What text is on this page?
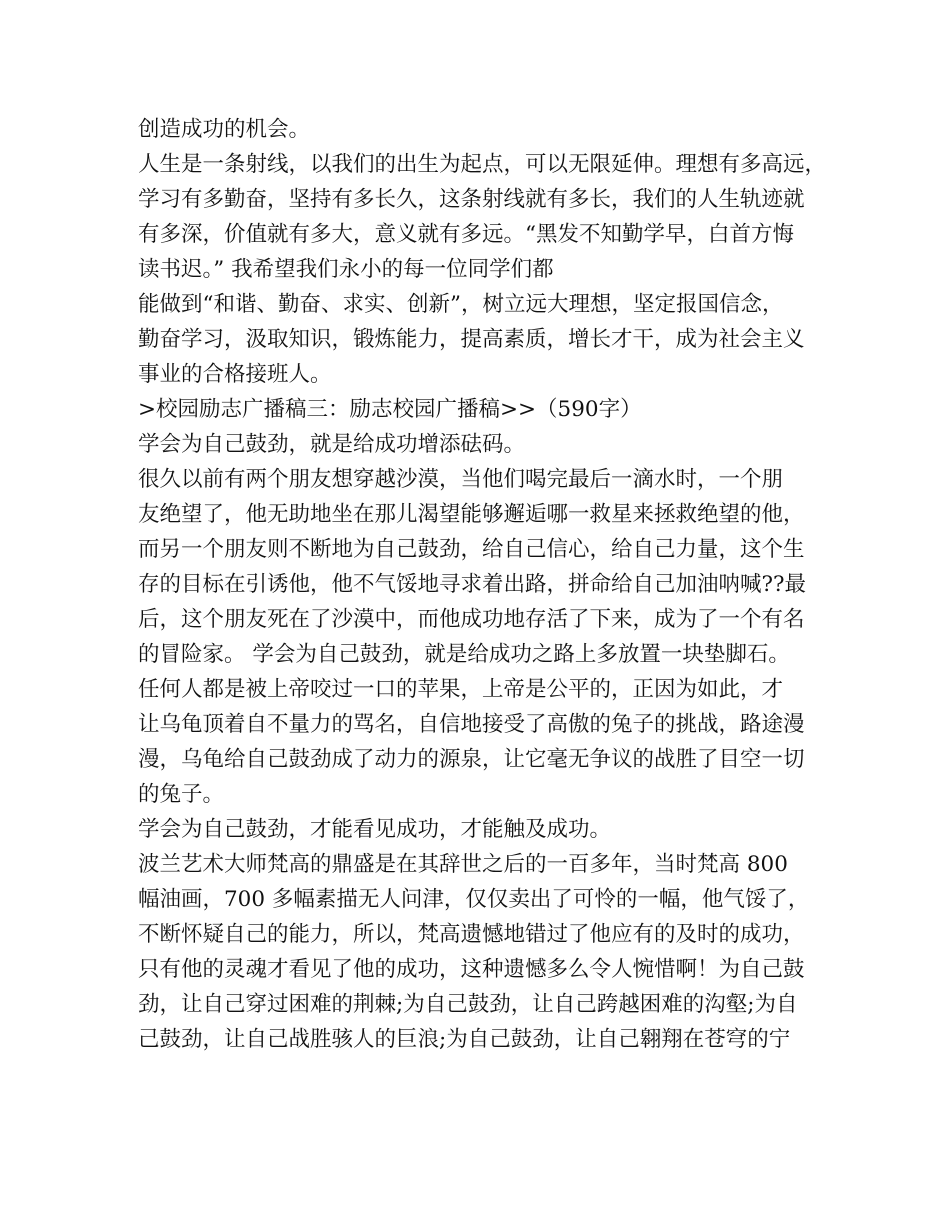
创造成功的机会。
人生是一条射线，以我们的出生为起点，可以无限延伸。理想有多高远，
学习有多勤奋，坚持有多长久，这条射线就有多长，我们的人生轨迹就
有多深，价值就有多大，意义就有多远。“黑发不知勤学早，白首方悔
读书迟。” 我希望我们永小的每一位同学们都
能做到“和谐、勤奋、求实、创新”，树立远大理想，坚定报国信念，
勤奋学习，汲取知识，锻炼能力，提高素质，增长才干，成为社会主义
事业的合格接班人。
>校园励志广播稿三：励志校园广播稿>>（590字）
学会为自己鼓劲，就是给成功增添砝码。
很久以前有两个朋友想穿越沙漠，当他们喝完最后一滴水时，一个朋
友绝望了，他无助地坐在那儿渴望能够邂逅哪一救星来拯救绝望的他，
而另一个朋友则不断地为自己鼓劲，给自己信心，给自己力量，这个生
存的目标在引诱他，他不气馁地寻求着出路，拼命给自己加油呐喊??最
后，这个朋友死在了沙漠中，而他成功地存活了下来，成为了一个有名
的冒险家。 学会为自己鼓劲，就是给成功之路上多放置一块垫脚石。
任何人都是被上帝咬过一口的苹果，上帝是公平的，正因为如此，才
让乌龟顶着自不量力的骂名，自信地接受了高傲的兔子的挑战，路途漫
漫，乌龟给自己鼓劲成了动力的源泉，让它毫无争议的战胜了目空一切
的兔子。
学会为自己鼓劲，才能看见成功，才能触及成功。
波兰艺术大师梵高的鼎盛是在其辞世之后的一百多年，当时梵高 800
幅油画，700 多幅素描无人问津，仅仅卖出了可怜的一幅，他气馁了，
不断怀疑自己的能力，所以，梵高遗憾地错过了他应有的及时的成功，
只有他的灵魂才看见了他的成功，这种遗憾多么令人惋惜啊！为自己鼓
劲，让自己穿过困难的荆棘;为自己鼓劲，让自己跨越困难的沟壑;为自
己鼓劲，让自己战胜骇人的巨浪;为自己鼓劲，让自己翱翔在苍穹的宁
